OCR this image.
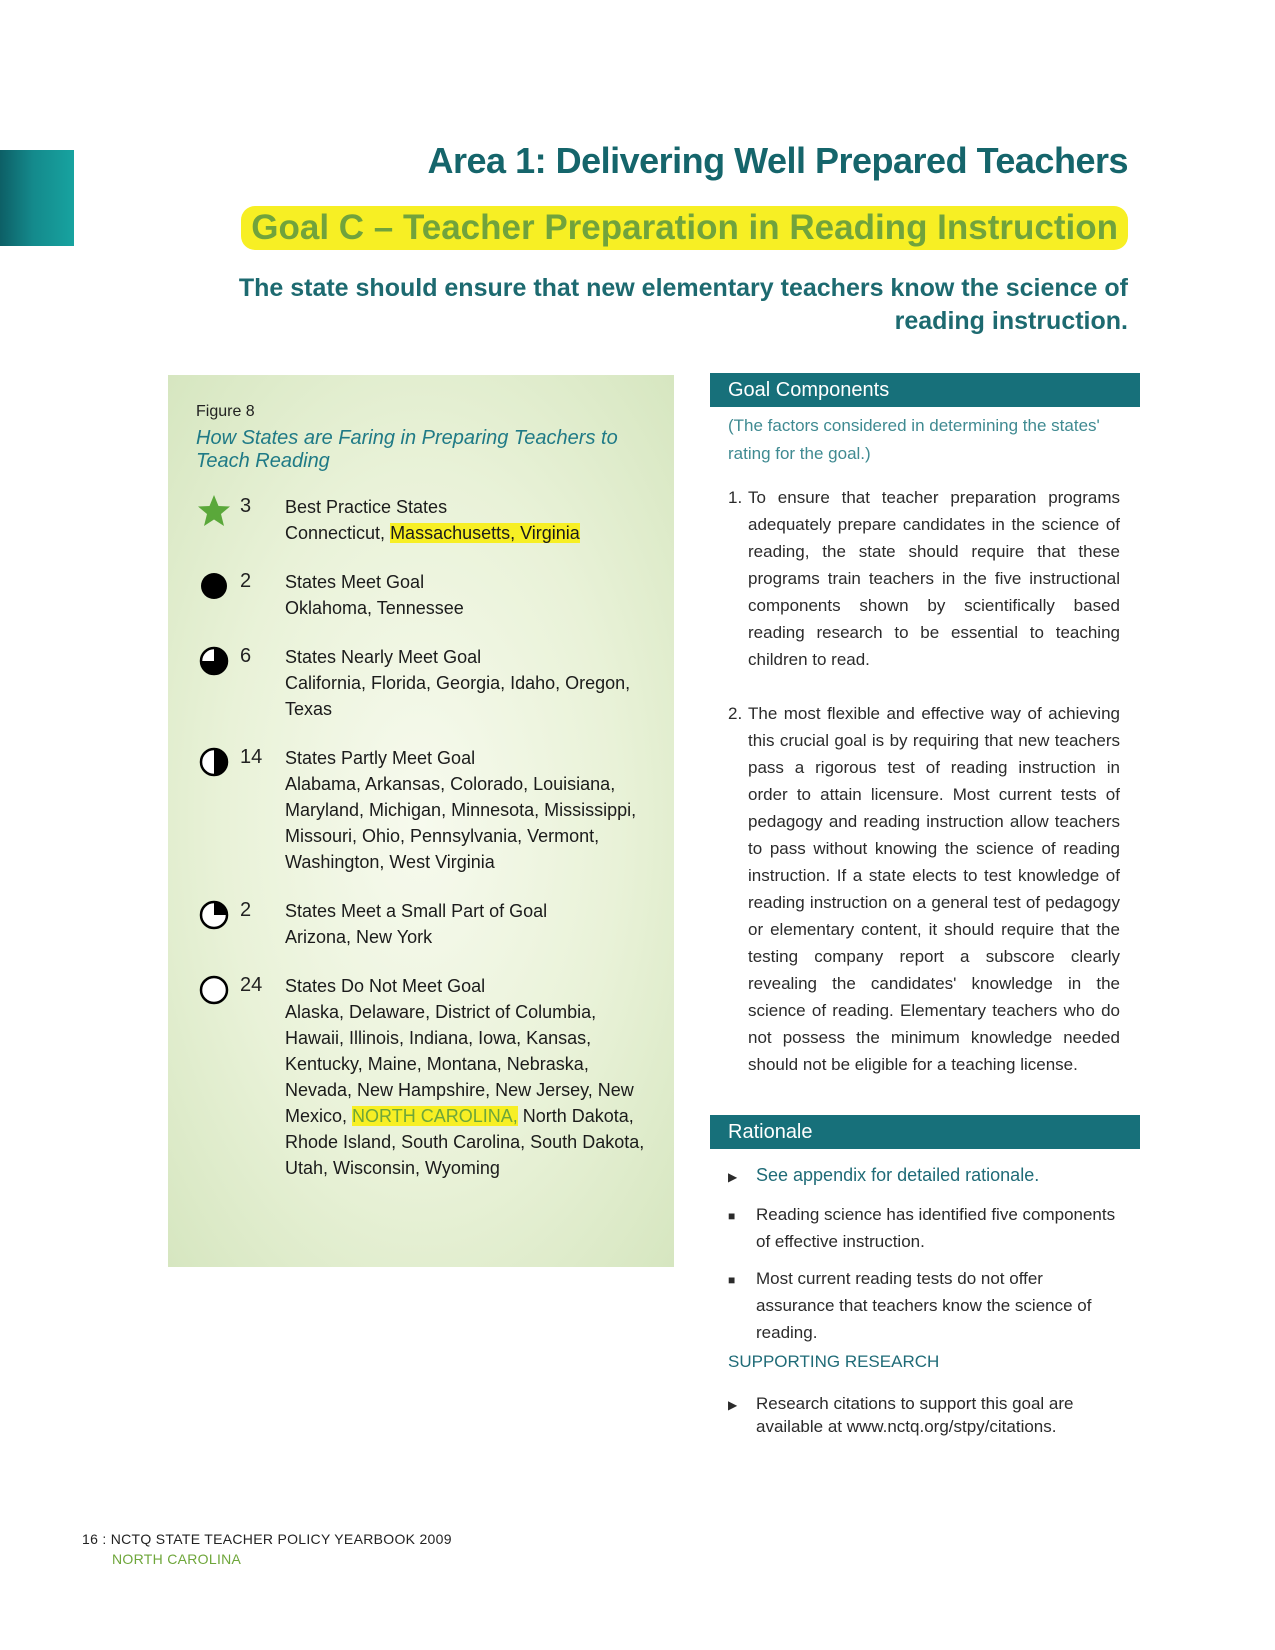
Area 1: Delivering Well Prepared Teachers
Goal C – Teacher Preparation in Reading Instruction

The state should ensure that new elementary teachers know the science of reading instruction.

Figure 8

How States are Faring in Preparing Teachers to Teach Reading

3	Best Practice States
Connecticut, Massachusetts, Virginia
2	States Meet Goal
Oklahoma, Tennessee
6	States Nearly Meet Goal
California, Florida, Georgia, Idaho, Oregon, Texas
14	States Partly Meet Goal
Alabama, Arkansas, Colorado, Louisiana, Maryland, Michigan, Minnesota, Mississippi, Missouri, Ohio, Pennsylvania, Vermont, Washington, West Virginia
2	States Meet a Small Part of Goal
Arizona, New York
24	States Do Not Meet Goal
Alaska, Delaware, District of Columbia, Hawaii, Illinois, Indiana, Iowa, Kansas, Kentucky, Maine, Montana, Nebraska, Nevada, New Hampshire, New Jersey, New Mexico, NORTH CAROLINA, North Dakota, Rhode Island, South Carolina, South Dakota, Utah, Wisconsin, Wyoming
Goal Components

(The factors considered in determining the states' rating for the goal.)

1. To ensure that teacher preparation programs adequately prepare candidates in the science of reading, the state should require that these programs train teachers in the five instructional components shown by scientifically based reading research to be essential to teaching children to read.
2. The most flexible and effective way of achieving this crucial goal is by requiring that new teachers pass a rigorous test of reading instruction in order to attain licensure. Most current tests of pedagogy and reading instruction allow teachers to pass without knowing the science of reading instruction. If a state elects to test knowledge of reading instruction on a general test of pedagogy or elementary content, it should require that the testing company report a subscore clearly revealing the candidates' knowledge in the science of reading. Elementary teachers who do not possess the minimum knowledge needed should not be eligible for a teaching license.
Rationale
▶	See appendix for detailed rationale.
■	Reading science has identified five components of effective instruction.
■	Most current reading tests do not offer assurance that teachers know the science of reading.

SUPPORTING RESEARCH

▶	Research citations to support this goal are available at www.nctq.org/stpy/citations.

16 : NCTQ STATE TEACHER POLICY YEARBOOK 2009

NORTH CAROLINA
